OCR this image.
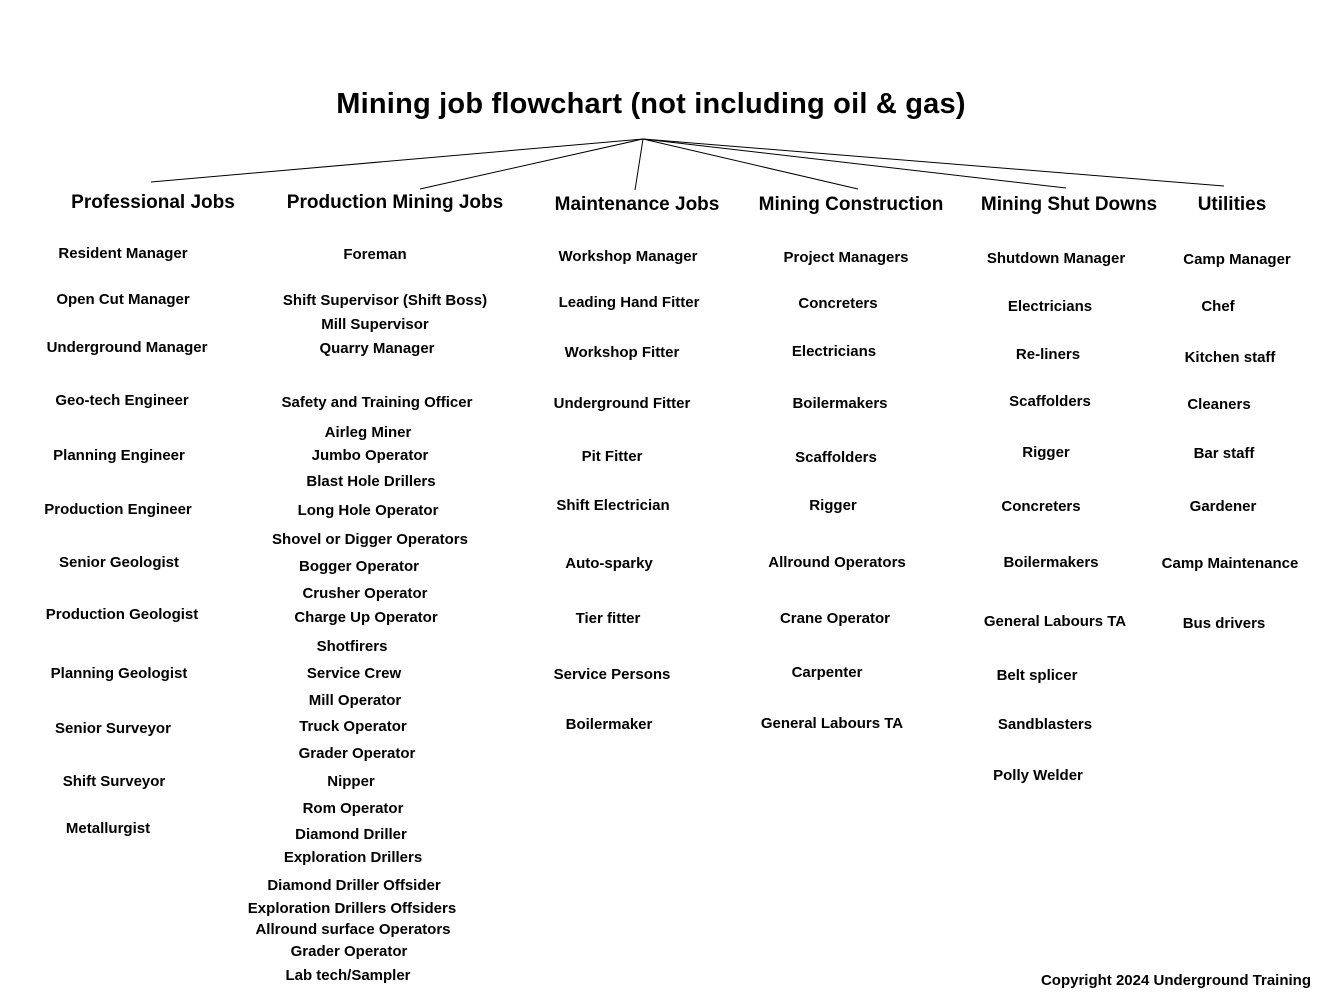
Mining job flowchart (not including oil & gas)
Professional Jobs
Resident Manager
Open Cut Manager
Underground Manager
Geo-tech Engineer
Planning Engineer
Production Engineer
Senior Geologist
Production Geologist
Planning Geologist
Senior Surveyor
Shift Surveyor
Metallurgist
Production Mining Jobs
Foreman
Shift Supervisor (Shift Boss)
Mill Supervisor
Quarry Manager
Safety and Training Officer
Airleg Miner
Jumbo Operator
Blast Hole Drillers
Long Hole Operator
Shovel or Digger Operators
Bogger Operator
Crusher Operator
Charge Up Operator
Shotfirers
Service Crew
Mill Operator
Truck Operator
Grader Operator
Nipper
Rom Operator
Diamond Driller
Exploration Drillers
Diamond Driller Offsider
Exploration Drillers Offsiders
Allround surface Operators
Grader Operator
Lab tech/Sampler
Maintenance Jobs
Workshop Manager
Leading Hand Fitter
Workshop Fitter
Underground Fitter
Pit Fitter
Shift Electrician
Auto-sparky
Tier fitter
Service Persons
Boilermaker
Mining Construction
Project Managers
Concreters
Electricians
Boilermakers
Scaffolders
Rigger
Allround Operators
Crane Operator
Carpenter
General Labours TA
Mining Shut Downs
Shutdown Manager
Electricians
Re-liners
Scaffolders
Rigger
Concreters
Boilermakers
General Labours TA
Belt splicer
Sandblasters
Polly Welder
Utilities
Camp Manager
Chef
Kitchen staff
Cleaners
Bar staff
Gardener
Camp Maintenance
Bus drivers
Copyright 2024 Underground Training
